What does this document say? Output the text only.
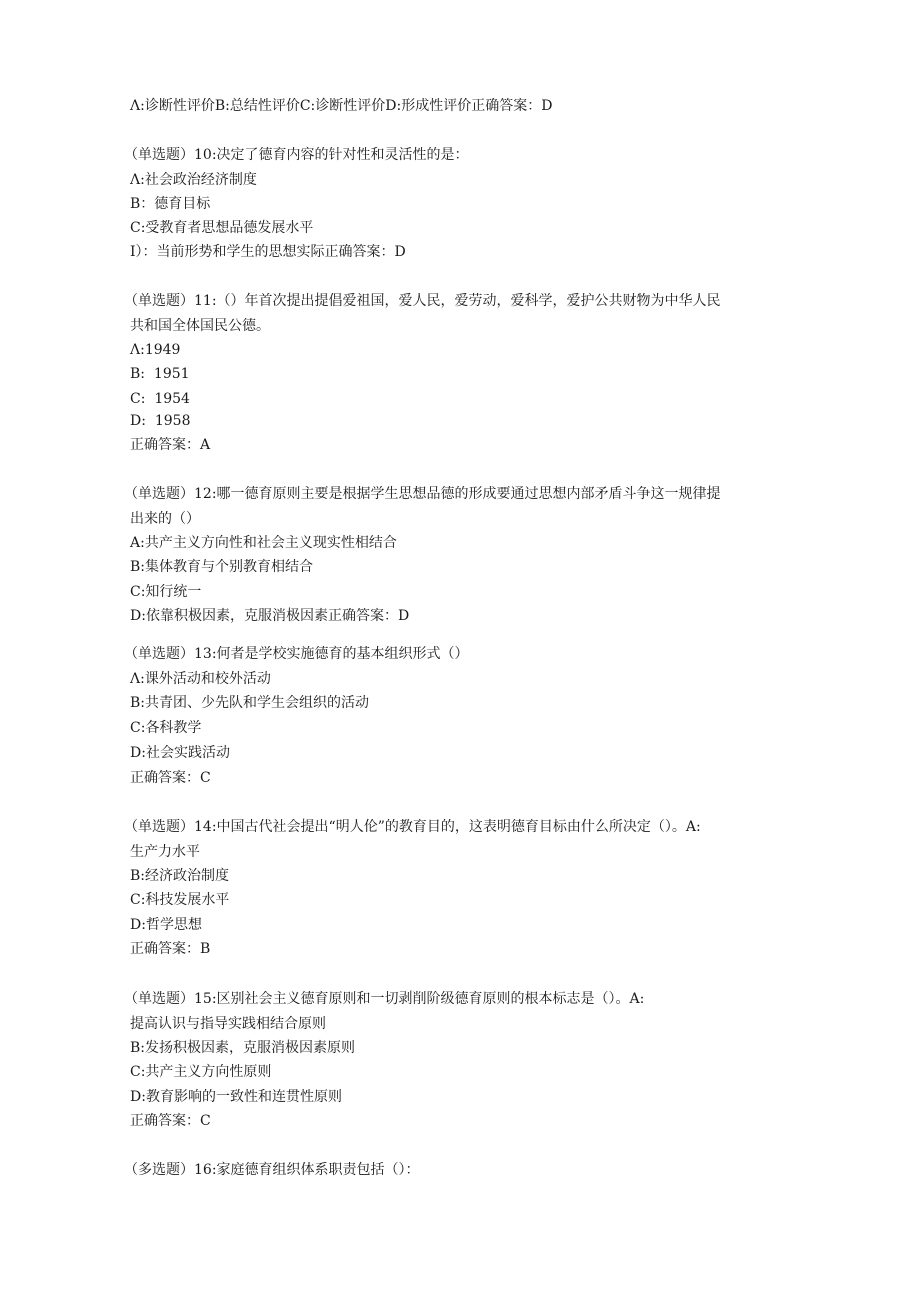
Λ:诊断性评价B:总结性评价C:诊断性评价D:形成性评价正确答案：D
（单选题）10:决定了德育内容的针对性和灵活性的是：
Λ:社会政治经济制度
B：德育目标
C:受教育者思想品德发展水平
I）：当前形势和学生的思想实际正确答案：D
（单选题）11:（）年首次提出提倡爱祖国，爱人民，爱劳动，爱科学，爱护公共财物为中华人民
共和国全体国民公德。
Λ:1949
B:  1951
C:  1954
D:  1958
正确答案：A
（单选题）12:哪一德育原则主要是根据学生思想品德的形成要通过思想内部矛盾斗争这一规律提
出来的（）
A:共产主义方向性和社会主义现实性相结合
B:集体教育与个别教育相结合
C:知行统一
D:依靠积极因素，克服消极因素正确答案：D
（单选题）13:何者是学校实施德育的基本组织形式（）
Λ:课外活动和校外活动
B:共青团、少先队和学生会组织的活动
C:各科教学
D:社会实践活动
正确答案：C
（单选题）14:中国古代社会提出“明人伦”的教育目的，这表明德育目标由什么所决定（）。A:
生产力水平
B:经济政治制度
C:科技发展水平
D:哲学思想
正确答案：B
（单选题）15:区别社会主义德育原则和一切剥削阶级德育原则的根本标志是（）。A:
提高认识与指导实践相结合原则
B:发扬积极因素，克服消极因素原则
C:共产主义方向性原则
D:教育影响的一致性和连贯性原则
正确答案：C
（多选题）16:家庭德育组织体系职责包括（）：
